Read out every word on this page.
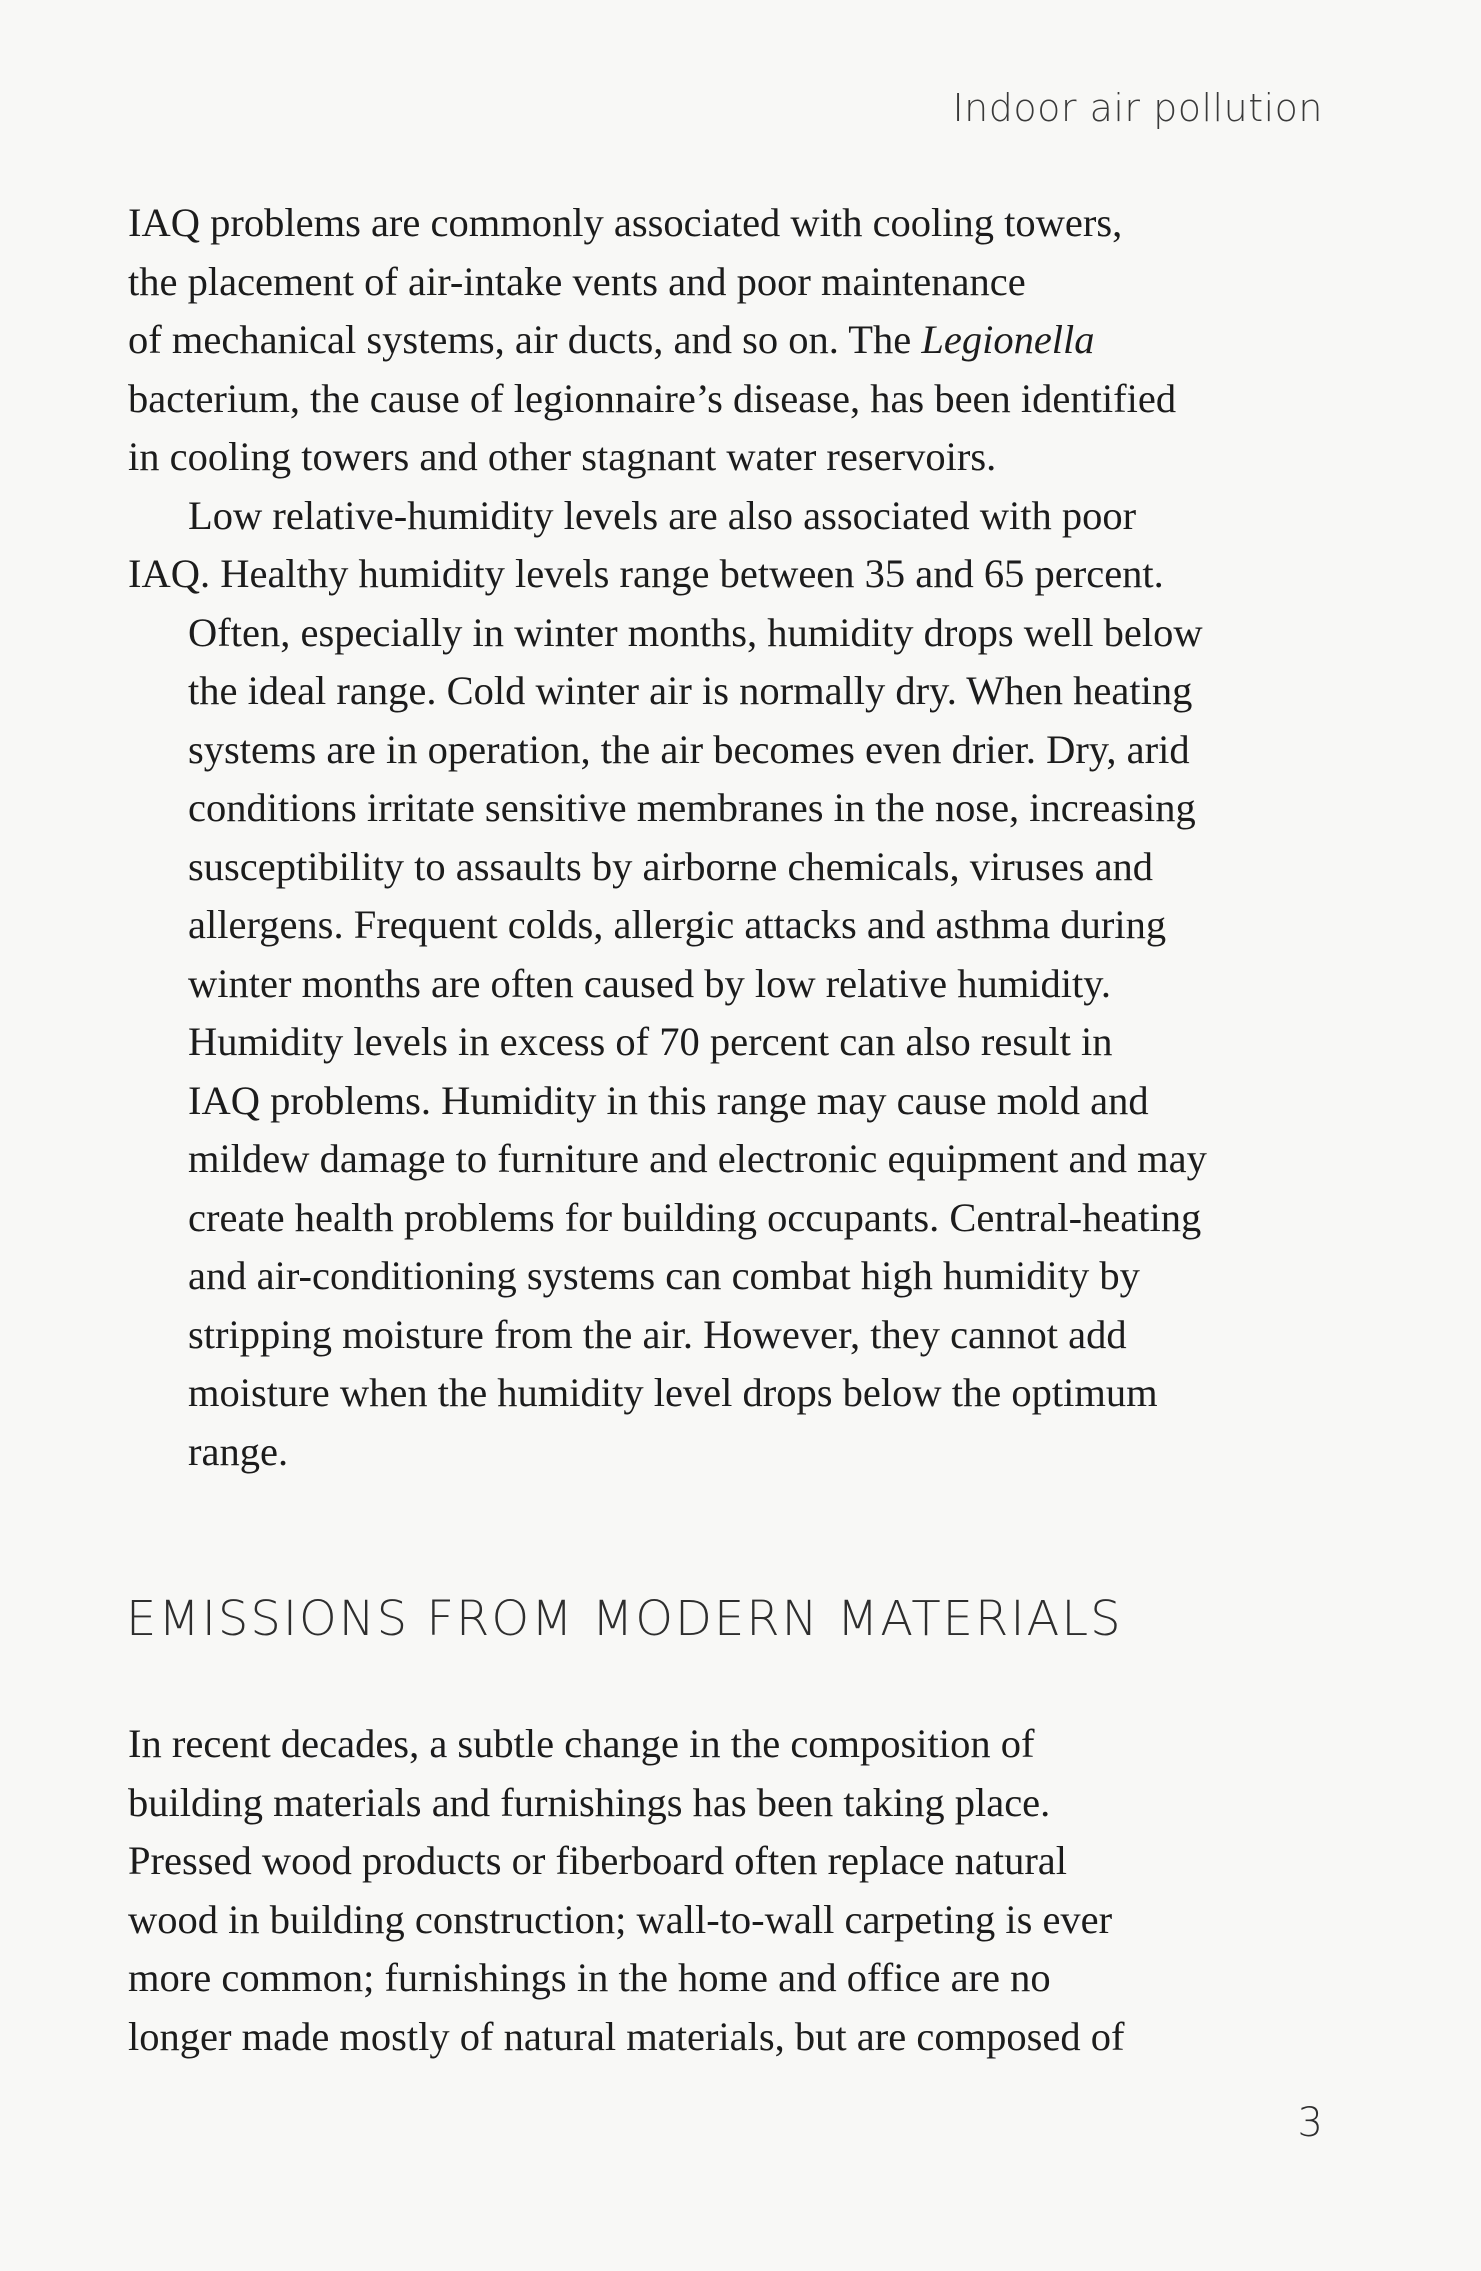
Indoor air pollution

IAQ problems are commonly associated with cooling towers,
the placement of air-intake vents and poor maintenance
of mechanical systems, air ducts, and so on. The Legionella
bacterium, the cause of legionnaire’s disease, has been identified
in cooling towers and other stagnant water reservoirs.

Low relative-humidity levels are also associated with poor
IAQ. Healthy humidity levels range between 35 and 65 percent.
Often, especially in winter months, humidity drops well below
the ideal range. Cold winter air is normally dry. When heating
systems are in operation, the air becomes even drier. Dry, arid
conditions irritate sensitive membranes in the nose, increasing
susceptibility to assaults by airborne chemicals, viruses and
allergens. Frequent colds, allergic attacks and asthma during
winter months are often caused by low relative humidity.

Humidity levels in excess of 70 percent can also result in
IAQ problems. Humidity in this range may cause mold and
mildew damage to furniture and electronic equipment and may
create health problems for building occupants. Central-heating
and air-conditioning systems can combat high humidity by
stripping moisture from the air. However, they cannot add
moisture when the humidity level drops below the optimum
range.

EMISSIONS FROM MODERN MATERIALS

In recent decades, a subtle change in the composition of
building materials and furnishings has been taking place.
Pressed wood products or fiberboard often replace natural
wood in building construction; wall-to-wall carpeting is ever
more common; furnishings in the home and office are no
longer made mostly of natural materials, but are composed of

3
